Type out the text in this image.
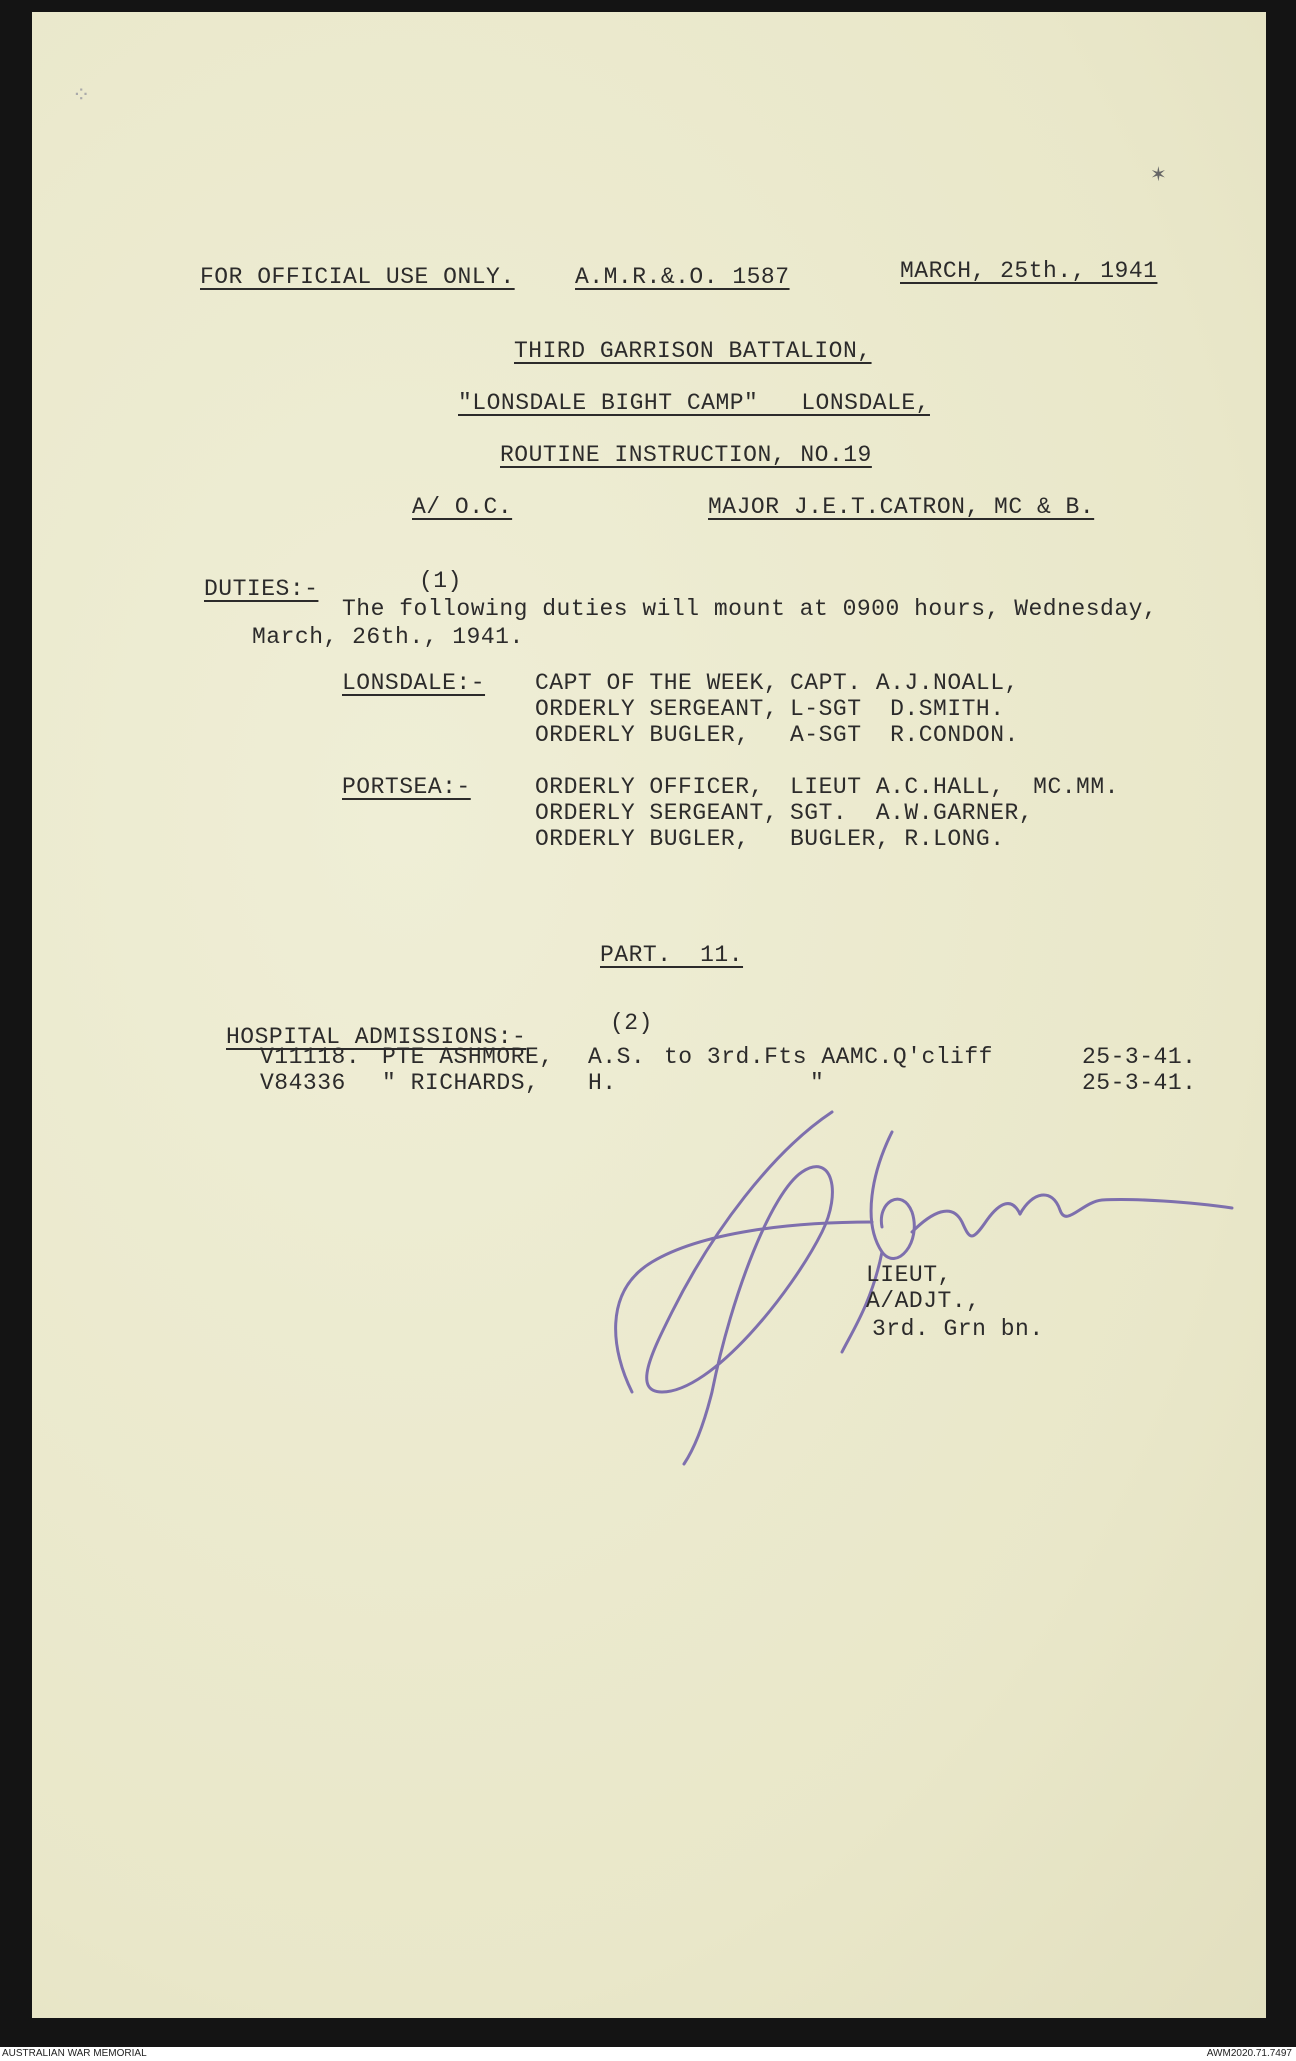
⁘
✶
FOR OFFICIAL USE ONLY.	A.M.R.&.O. 1587	MARCH, 25th., 1941
THIRD GARRISON BATTALION,
"LONSDALE BIGHT CAMP"   LONSDALE,
ROUTINE INSTRUCTION, NO.19
A/ O.C.	MAJOR J.E.T.CATRON, MC & B.
DUTIES:-	(1)
The following duties will mount at 0900 hours, Wednesday,
March, 26th., 1941.
LONSDALE:- CAPT OF THE WEEK, CAPT. A.J.NOALL,
ORDERLY SERGEANT, L-SGT  D.SMITH.
ORDERLY BUGLER, A-SGT  R.CONDON.
PORTSEA:-	ORDERLY OFFICER, LIEUT A.C.HALL,  MC.MM.
ORDERLY SERGEANT, SGT.  A.W.GARNER,
ORDERLY BUGLER, BUGLER, R.LONG.
PART.  11.
HOSPITAL ADMISSIONS:-
(2)
V11118. PTE ASHMORE, A.S. to 3rd.Fts AAMC.Q'cliff	25-3-41.
V84336 " RICHARDS, H.	"	25-3-41.
LIEUT,
A/ADJT.,
3rd. Grn bn.
AUSTRALIAN WAR MEMORIAL	AWM2020.71.7497
